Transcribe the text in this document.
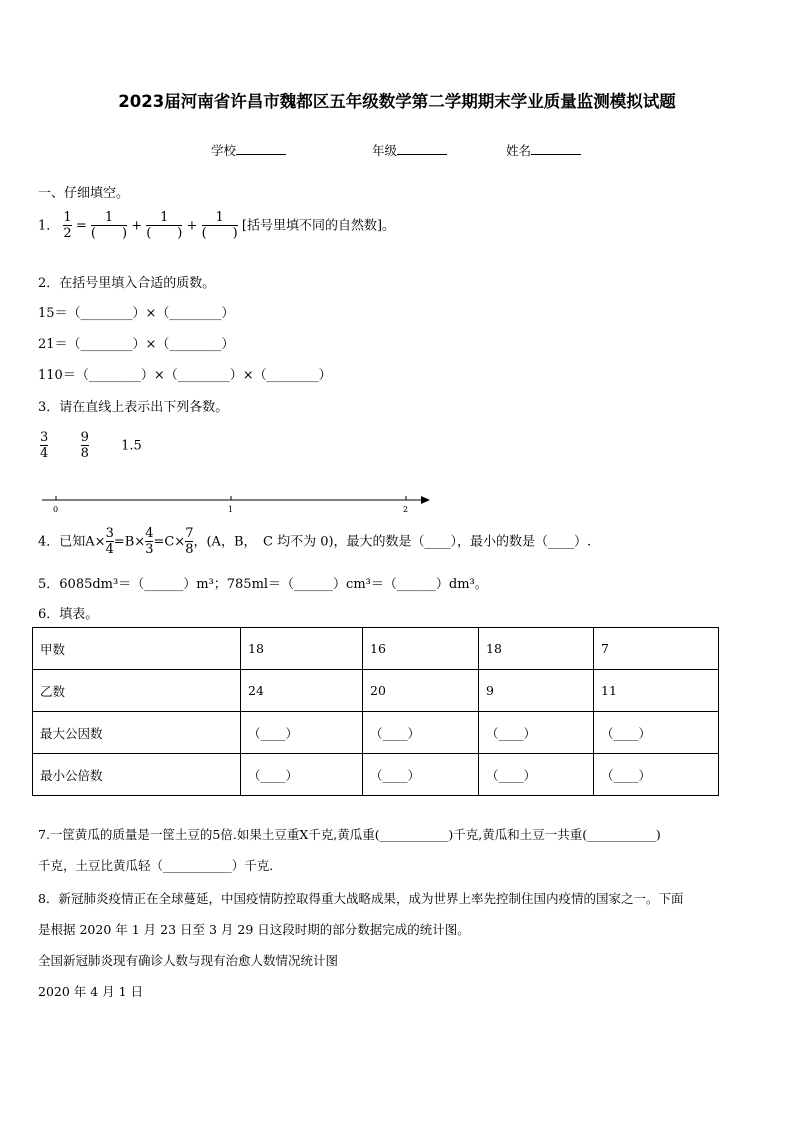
2023届河南省许昌市魏都区五年级数学第二学期期末学业质量监测模拟试题
学校	年级	姓名
一、仔细填空。
1． $\frac{1}{2} = \frac{1}{( )} + \frac{1}{( )} + \frac{1}{( )}$ [括号里填不同的自然数]。
2．在括号里填入合适的质数。
15＝（________）×（________）
21＝（________）×（________）
110＝（________）×（________）×（________）
3．请在直线上表示出下列各数。
$\frac{3}{4}$
$\frac{9}{8} 1.5$
0	1	2
4．已知$A\times \frac{3}{4} =B\times \frac{4}{3} =C\times \frac{7}{8}$ ，(A，B，　C 均不为 0)，最大的数是（____），最小的数是（____）.
5．6085dm³＝（______）m³；785ml＝（______）cm³＝（______）dm³。
6．填表。
甲数	18	16	18	7
乙数	24	20	9	11
最大公因数	（____）	（____）	（____）	（____）
最小公倍数	（____）	（____）	（____）	（____）
7.一筐黄瓜的质量是一筐土豆的5倍.如果土豆重X千克,黄瓜重(___________)千克,黄瓜和土豆一共重(___________)
千克，土豆比黄瓜轻（___________）千克．
8．新冠肺炎疫情正在全球蔓延，中国疫情防控取得重大战略成果，成为世界上率先控制住国内疫情的国家之一。下面
是根据 2020 年 1 月 23 日至 3 月 29 日这段时期的部分数据完成的统计图。
全国新冠肺炎现有确诊人数与现有治愈人数情况统计图
2020 年 4 月 1 日
